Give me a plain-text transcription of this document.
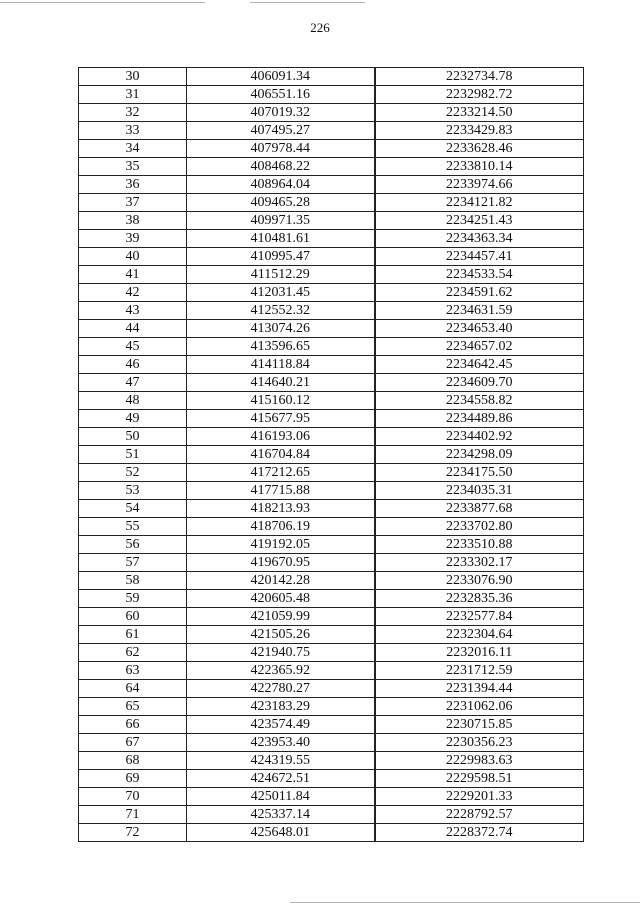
226
30	406091.34	2232734.78
31	406551.16	2232982.72
32	407019.32	2233214.50
33	407495.27	2233429.83
34	407978.44	2233628.46
35	408468.22	2233810.14
36	408964.04	2233974.66
37	409465.28	2234121.82
38	409971.35	2234251.43
39	410481.61	2234363.34
40	410995.47	2234457.41
41	411512.29	2234533.54
42	412031.45	2234591.62
43	412552.32	2234631.59
44	413074.26	2234653.40
45	413596.65	2234657.02
46	414118.84	2234642.45
47	414640.21	2234609.70
48	415160.12	2234558.82
49	415677.95	2234489.86
50	416193.06	2234402.92
51	416704.84	2234298.09
52	417212.65	2234175.50
53	417715.88	2234035.31
54	418213.93	2233877.68
55	418706.19	2233702.80
56	419192.05	2233510.88
57	419670.95	2233302.17
58	420142.28	2233076.90
59	420605.48	2232835.36
60	421059.99	2232577.84
61	421505.26	2232304.64
62	421940.75	2232016.11
63	422365.92	2231712.59
64	422780.27	2231394.44
65	423183.29	2231062.06
66	423574.49	2230715.85
67	423953.40	2230356.23
68	424319.55	2229983.63
69	424672.51	2229598.51
70	425011.84	2229201.33
71	425337.14	2228792.57
72	425648.01	2228372.74
